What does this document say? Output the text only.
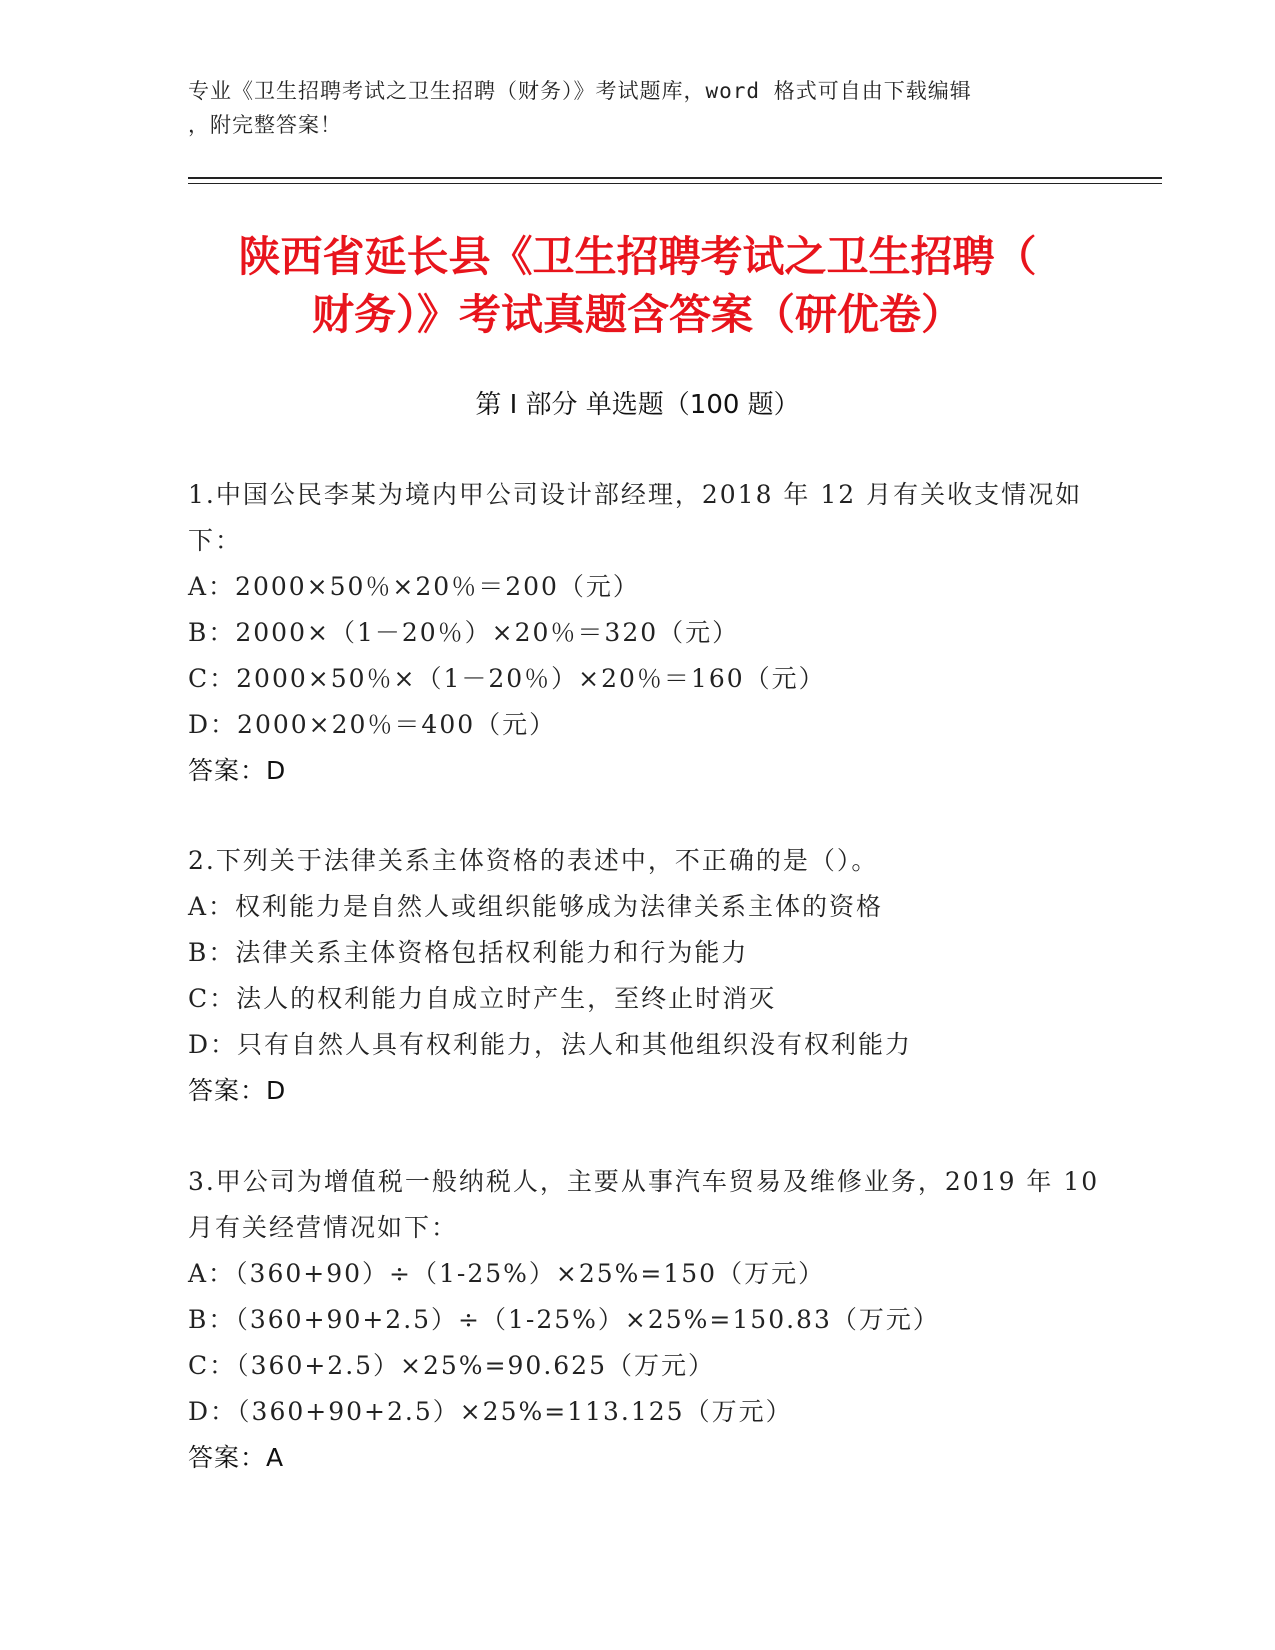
专业《卫生招聘考试之卫生招聘（财务）》考试题库，word 格式可自由下载编辑
，附完整答案！
陕西省延长县《卫生招聘考试之卫生招聘（
财务）》考试真题含答案（研优卷）
第 I 部分 单选题（100 题）
1.中国公民李某为境内甲公司设计部经理，2018 年 12 月有关收支情况如下：
A：2000×50％×20％＝200（元）
B：2000×（1－20％）×20％＝320（元）
C：2000×50％×（1－20％）×20％＝160（元）
D：2000×20％＝400（元）
答案：D
2.下列关于法律关系主体资格的表述中，不正确的是（）。
A：权利能力是自然人或组织能够成为法律关系主体的资格
B：法律关系主体资格包括权利能力和行为能力
C：法人的权利能力自成立时产生，至终止时消灭
D：只有自然人具有权利能力，法人和其他组织没有权利能力
答案：D
3.甲公司为增值税一般纳税人，主要从事汽车贸易及维修业务，2019 年 10 月有关经营情况如下：
A：（360+90）÷（1-25%）×25%=150（万元）
B：（360+90+2.5）÷（1-25%）×25%=150.83（万元）
C：（360+2.5）×25%=90.625（万元）
D：（360+90+2.5）×25%=113.125（万元）
答案：A
